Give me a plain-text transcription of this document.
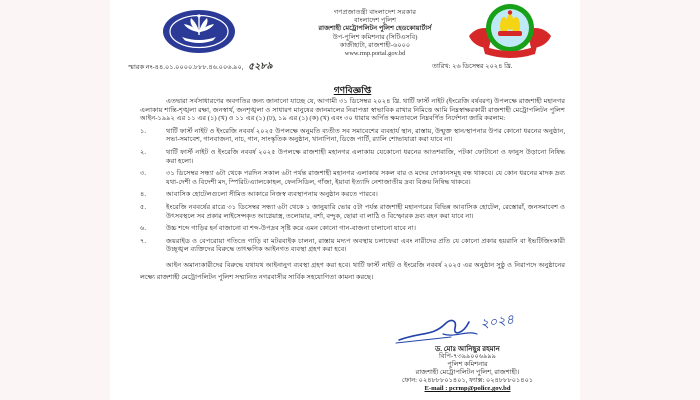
গণপ্রজাতন্ত্রী বাংলাদেশ সরকার
বাংলাদেশ পুলিশ
রাজশাহী মেট্রোপলিটন পুলিশ হেডকোয়ার্টার্স
উপ-পুলিশ কমিশনার (সিটিএসবি)
কাজীহাটা, রাজশাহী-৬০০০
www.rmp.portal.gov.bd
স্মারক নং-৪৪.০১.০০০০.৮৮৮.৪৬.০০৬.৯০, ৫২৮৯	তারিখ: ২৬ ডিসেম্বর ২০২৪ খ্রি.
গণবিজ্ঞপ্তি

এতদ্বারা সর্বসাধারণের অবগতির জন্য জানানো যাচ্ছে যে, আগামী ৩১ ডিসেম্বর ২০২৪ খ্রি. থার্টি ফার্স্ট নাইট (ইংরেজি বর্ষবরণ) উপলক্ষে রাজশাহী মহানগর এলাকায় শান্তি-শৃঙ্খলা রক্ষা, জনস্বার্থ, জনশৃঙ্খলা ও সাধারণ মানুষের জানমালের নিরাপত্তা স্বাভাবিক রাখার নিমিত্তে আমি নিম্নস্বাক্ষরকারী রাজশাহী মেট্রোপলিটন পুলিশ আইন-১৯৯২ এর ১১ এর (১) (খ) ও ১১ এর (১) (ঢ), ১৯ এর (১) (ক) (খ) এবং ৩০ ধারায় অর্পিত ক্ষমতাবলে নিম্নবর্ণিত নির্দেশনা জারি করলাম:

১.	থার্টি ফার্স্ট নাইট ও ইংরেজি নববর্ষ ২০২৫ উপলক্ষে অনুমতি ব্যতীত সব সমাবেশের ব্যবহার্য স্থান, রাস্তায়, উন্মুক্ত স্থান/স্থাপনার উপর কোনো ধরনের অনুষ্ঠান, সভা-সমাবেশ, গানবাজনা, নাচ, গান, সাংস্কৃতিক অনুষ্ঠান, খানাপিনা, ডিজে পার্টি, র‍্যালি শোভাযাত্রা করা যাবে না।
২.	থার্টি ফার্স্ট নাইট ও ইংরেজি নববর্ষ ২০২৫ উপলক্ষে রাজশাহী মহানগর এলাকায় যেকোনো ধরনের আতশবাজি, পটকা ফোটানো ও ফানুস উড়ানো নিষিদ্ধ করা হলো।
৩.	৩১ ডিসেম্বর সন্ধ্যা ৬টা থেকে পরদিন সকাল ৬টা পর্যন্ত রাজশাহী মহানগর এলাকায় সকল বার ও মদের দোকানসমূহ বন্ধ থাকবে। যে কোন ধরনের মাদক দ্রব্য যথা-দেশী ও বিদেশী মদ, স্পিরিট/এ্যালকোহল, ফেনসিডিল, গাঁজা, ইয়াবা ইত্যাদি নেশাজাতীয় দ্রব্য বিক্রয় নিষিদ্ধ থাকবে।
৪.	আবাসিক হোটেলগুলো সীমিত আকারে নিজস্ব ব্যবস্থাপনায় অনুষ্ঠান করতে পারবে।
৫.	ইংরেজি নববর্ষের রাত্রে ৩১ ডিসেম্বর সন্ধ্যা ৬টা থেকে ১ জানুয়ারি ভোর ৫টা পর্যন্ত রাজশাহী মহানগরের বিভিন্ন আবাসিক হোটেল, রেস্তোরাঁ, জনসমাবেশ ও উৎসবস্থলে সব প্রকার লাইসেন্সকৃত আগ্নেয়াস্ত্র, তলোয়ার, বর্শা, বন্দুক, ছোরা বা লাঠি ও বিস্ফোরক দ্রব্য বহন করা যাবে না।
৬.	উচ্চ শব্দে গাড়ির হর্ন বাজানো বা শব্দ-উপদ্রব সৃষ্টি করে এমন কোনো গান-বাজনা চালানো যাবে না।
৭.	জয়রাইড ও বেপরোয়া গতিতে গাড়ি বা মটরবাইক চালনা, রাস্তায় মদ্যপ অবস্থায় চলাফেরা এবং নারীদের প্রতি যে কোনো প্রকার হয়রানি বা ইভটিজিংকারী উচ্ছৃঙ্খল ব্যক্তিদের বিরুদ্ধে তাৎক্ষণিক আইনগত ব্যবস্থা গ্রহণ করা হবে।

আইন অমান্যকারীদের বিরুদ্ধে যথাযথ আইনানুগ ব্যবস্থা গ্রহণ করা হবে। থার্টি ফার্স্ট নাইট ও ইংরেজি নববর্ষ ২০২৫ এর অনুষ্ঠান সুষ্ঠু ও নিরাপদে অনুষ্ঠানের লক্ষ্যে রাজশাহী মেট্রোপলিটন পুলিশ সম্মানিত নগরবাসীর সার্বিক সহযোগিতা কামনা করছে।

২০২৪
ড. মোঃ আনিছুর রহমান
বিপি-৭৩৯৯০০৬৯৯৯
পুলিশ কমিশনার
রাজশাহী মেট্রোপলিটন পুলিশ, রাজশাহী।
ফোন: ০২৪৮৮৮০১৪০১, ফ্যাক্স: ০২৪৮৮৮০১৪০১
E-mail : pcrmp@police.gov.bd
